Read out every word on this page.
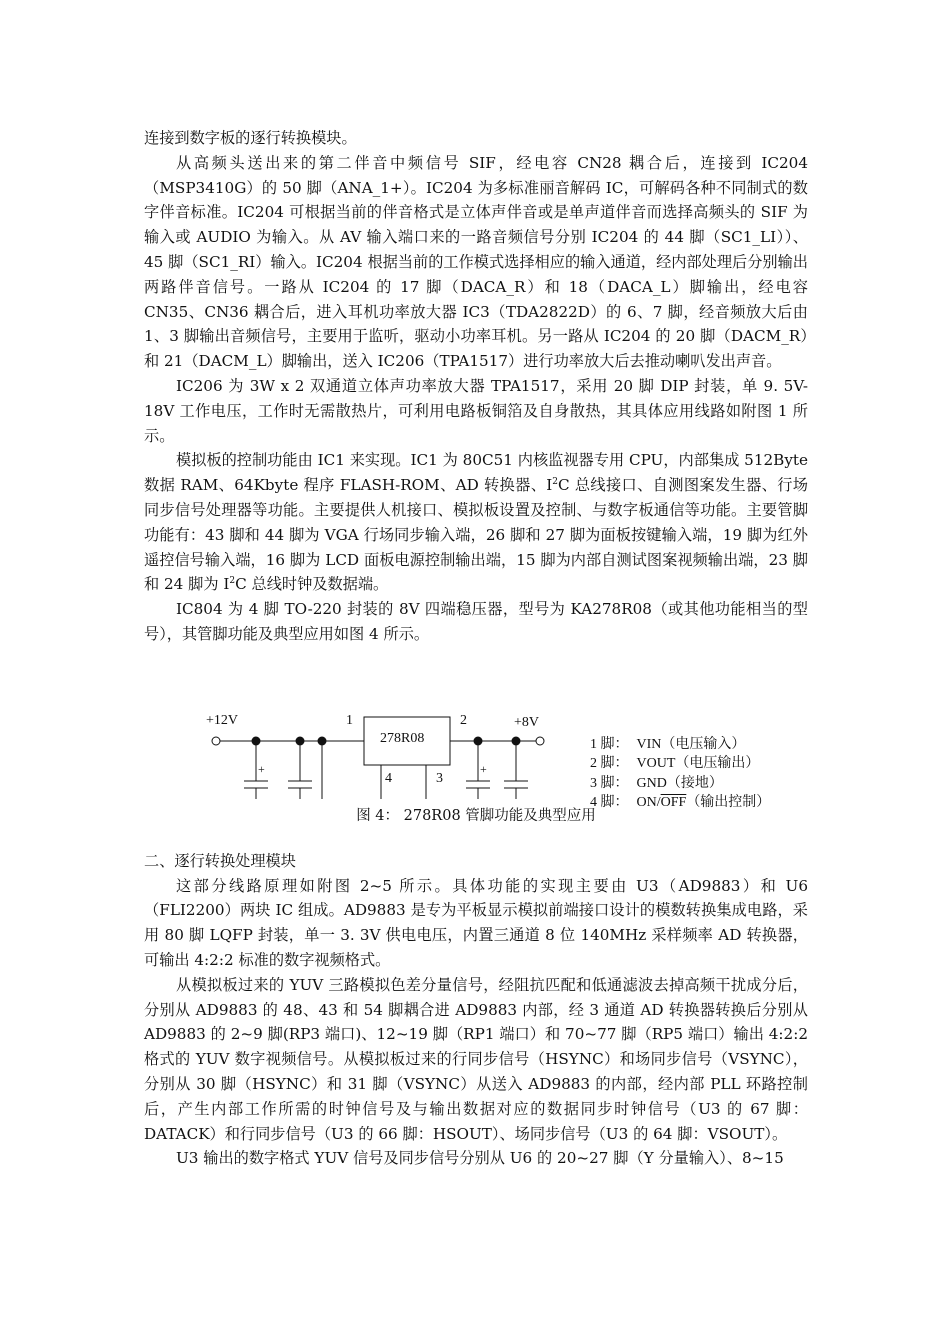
连接到数字板的逐行转换模块。

从高频头送出来的第二伴音中频信号 SIF，经电容 CN28 耦合后，连接到 IC204（MSP3410G）的 50 脚（ANA_1+）。IC204 为多标准丽音解码 IC，可解码各种不同制式的数字伴音标准。IC204 可根据当前的伴音格式是立体声伴音或是单声道伴音而选择高频头的 SIF 为输入或 AUDIO 为输入。从 AV 输入端口来的一路音频信号分别 IC204 的 44 脚（SC1_LI））、45 脚（SC1_RI）输入。IC204 根据当前的工作模式选择相应的输入通道，经内部处理后分别输出两路伴音信号。一路从 IC204 的 17 脚（DACA_R）和 18（DACA_L）脚输出，经电容 CN35、CN36 耦合后，进入耳机功率放大器 IC3（TDA2822D）的 6、7 脚，经音频放大后由 1、3 脚输出音频信号，主要用于监听，驱动小功率耳机。另一路从 IC204 的 20 脚（DACM_R）和 21（DACM_L）脚输出，送入 IC206（TPA1517）进行功率放大后去推动喇叭发出声音。

IC206 为 3W x 2 双通道立体声功率放大器 TPA1517，采用 20 脚 DIP 封装，单 9. 5V-18V 工作电压，工作时无需散热片，可利用电路板铜箔及自身散热，其具体应用线路如附图 1 所示。

模拟板的控制功能由 IC1 来实现。IC1 为 80C51 内核监视器专用 CPU，内部集成 512Byte 数据 RAM、64Kbyte 程序 FLASH-ROM、AD 转换器、$I^2C$ 总线接口、自测图案发生器、行场同步信号处理器等功能。主要提供人机接口、模拟板设置及控制、与数字板通信等功能。主要管脚功能有：43 脚和 44 脚为 VGA 行场同步输入端，26 脚和 27 脚为面板按键输入端，19 脚为红外遥控信号输入端，16 脚为 LCD 面板电源控制输出端，15 脚为内部自测试图案视频输出端，23 脚和 24 脚为 $I^2C$ 总线时钟及数据端。

IC804 为 4 脚 TO-220 封装的 8V 四端稳压器，型号为 KA278R08（或其他功能相当的型号），其管脚功能及典型应用如图 4 所示。

+12V	+8V
1	2
278R08
4	3
+	+
1 脚： VIN（电压输入）
2 脚： VOUT（电压输出）
3 脚： GND（接地）
4 脚： $ON/\overline{OFF}$（输出控制）
图 4： 278R08 管脚功能及典型应用

二、逐行转换处理模块

这部分线路原理如附图 2~5 所示。具体功能的实现主要由 U3（AD9883）和 U6（FLI2200）两块 IC 组成。AD9883 是专为平板显示模拟前端接口设计的模数转换集成电路，采用 80 脚 LQFP 封装，单一 3. 3V 供电电压，内置三通道 8 位 140MHz 采样频率 AD 转换器，可输出 4:2:2 标准的数字视频格式。

从模拟板过来的 YUV 三路模拟色差分量信号，经阻抗匹配和低通滤波去掉高频干扰成分后，分别从 AD9883 的 48、43 和 54 脚耦合进 AD9883 内部，经 3 通道 AD 转换器转换后分别从 AD9883 的 2~9 脚(RP3 端口)、12~19 脚（RP1 端口）和 70~77 脚（RP5 端口）输出 4:2:2 格式的 YUV 数字视频信号。从模拟板过来的行同步信号（HSYNC）和场同步信号（VSYNC），分别从 30 脚（HSYNC）和 31 脚（VSYNC）从送入 AD9883 的内部，经内部 PLL 环路控制后，产生内部工作所需的时钟信号及与输出数据对应的数据同步时钟信号（U3 的 67 脚：DATACK）和行同步信号（U3 的 66 脚：HSOUT）、场同步信号（U3 的 64 脚：VSOUT）。

U3 输出的数字格式 YUV 信号及同步信号分别从 U6 的 20~27 脚（Y 分量输入）、8~15
